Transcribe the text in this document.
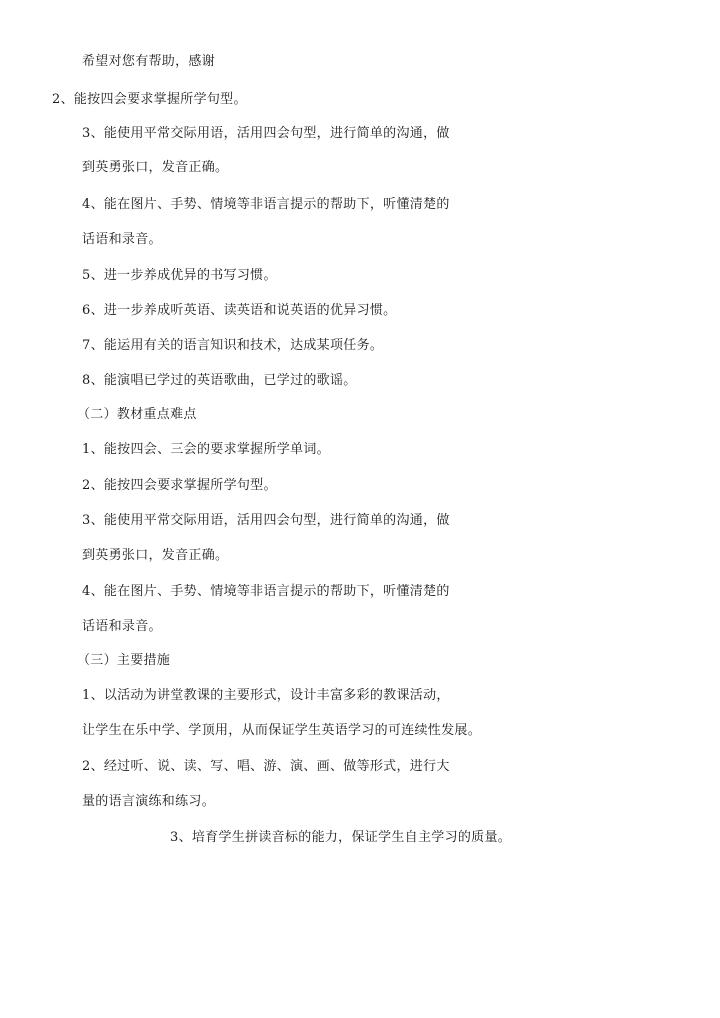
希望对您有帮助，感谢
2、能按四会要求掌握所学句型。
3、能使用平常交际用语，活用四会句型，进行简单的沟通，做
到英勇张口，发音正确。
4、能在图片、手势、情境等非语言提示的帮助下，听懂清楚的
话语和录音。
5、进一步养成优异的书写习惯。
6、进一步养成听英语、读英语和说英语的优异习惯。
7、能运用有关的语言知识和技术，达成某项任务。
8、能演唱已学过的英语歌曲，已学过的歌谣。
（二）教材重点难点
1、能按四会、三会的要求掌握所学单词。
2、能按四会要求掌握所学句型。
3、能使用平常交际用语，活用四会句型，进行简单的沟通，做
到英勇张口，发音正确。
4、能在图片、手势、情境等非语言提示的帮助下，听懂清楚的
话语和录音。
（三）主要措施
1、以活动为讲堂教课的主要形式，设计丰富多彩的教课活动，
让学生在乐中学、学顶用，从而保证学生英语学习的可连续性发展。
2、经过听、说、读、写、唱、游、演、画、做等形式，进行大
量的语言演练和练习。
3、培育学生拼读音标的能力，保证学生自主学习的质量。
